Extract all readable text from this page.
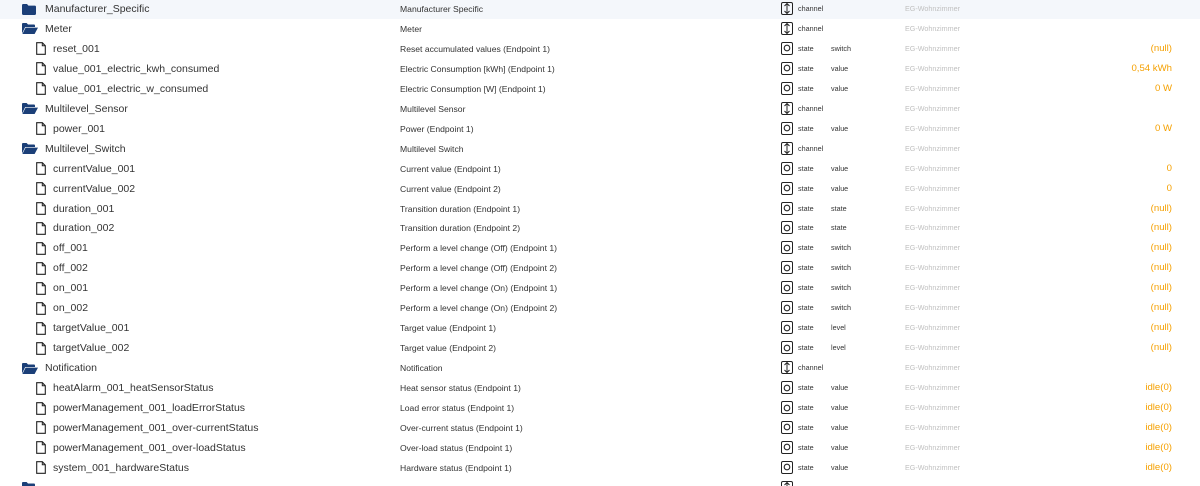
Manufacturer_Specific	Manufacturer Specific	channel	EG-Wohnzimmer
Meter	Meter	channel	EG-Wohnzimmer
reset_001	Reset accumulated values (Endpoint 1)	state switch	EG-Wohnzimmer	(null)
value_001_electric_kwh_consumed	Electric Consumption [kWh] (Endpoint 1)	state value	EG-Wohnzimmer	0,54 kWh
value_001_electric_w_consumed	Electric Consumption [W] (Endpoint 1)	state value	EG-Wohnzimmer	0 W
Multilevel_Sensor	Multilevel Sensor	channel	EG-Wohnzimmer
power_001	Power (Endpoint 1)	state value	EG-Wohnzimmer	0 W
Multilevel_Switch	Multilevel Switch	channel	EG-Wohnzimmer
currentValue_001	Current value (Endpoint 1)	state value	EG-Wohnzimmer	0
currentValue_002	Current value (Endpoint 2)	state value	EG-Wohnzimmer	0
duration_001	Transition duration (Endpoint 1)	state state	EG-Wohnzimmer	(null)
duration_002	Transition duration (Endpoint 2)	state state	EG-Wohnzimmer	(null)
off_001	Perform a level change (Off) (Endpoint 1)	state switch	EG-Wohnzimmer	(null)
off_002	Perform a level change (Off) (Endpoint 2)	state switch	EG-Wohnzimmer	(null)
on_001	Perform a level change (On) (Endpoint 1)	state switch	EG-Wohnzimmer	(null)
on_002	Perform a level change (On) (Endpoint 2)	state switch	EG-Wohnzimmer	(null)
targetValue_001	Target value (Endpoint 1)	state level	EG-Wohnzimmer	(null)
targetValue_002	Target value (Endpoint 2)	state level	EG-Wohnzimmer	(null)
Notification	Notification	channel	EG-Wohnzimmer
heatAlarm_001_heatSensorStatus	Heat sensor status (Endpoint 1)	state value	EG-Wohnzimmer	idle(0)
powerManagement_001_loadErrorStatus	Load error status (Endpoint 1)	state value	EG-Wohnzimmer	idle(0)
powerManagement_001_over-currentStatus	Over-current status (Endpoint 1)	state value	EG-Wohnzimmer	idle(0)
powerManagement_001_over-loadStatus	Over-load status (Endpoint 1)	state value	EG-Wohnzimmer	idle(0)
system_001_hardwareStatus	Hardware status (Endpoint 1)	state value	EG-Wohnzimmer	idle(0)
